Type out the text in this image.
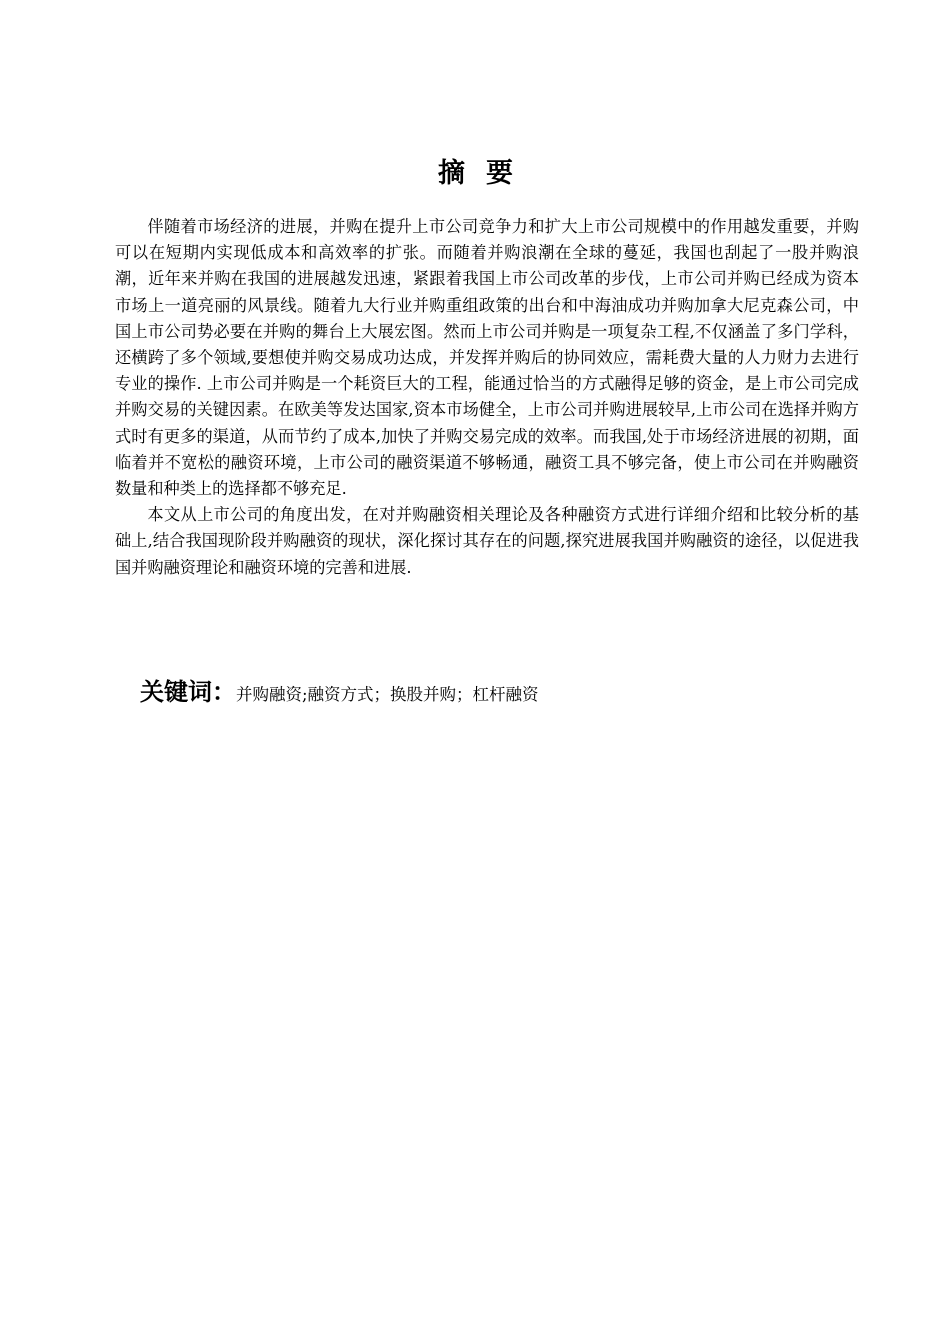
摘要

伴随着市场经济的进展，并购在提升上市公司竞争力和扩大上市公司规模中的作用越发重要，并购可以在短期内实现低成本和高效率的扩张。而随着并购浪潮在全球的蔓延，我国也刮起了一股并购浪潮，近年来并购在我国的进展越发迅速，紧跟着我国上市公司改革的步伐，上市公司并购已经成为资本市场上一道亮丽的风景线。随着九大行业并购重组政策的出台和中海油成功并购加拿大尼克森公司，中国上市公司势必要在并购的舞台上大展宏图。然而上市公司并购是一项复杂工程,不仅涵盖了多门学科，还横跨了多个领域,要想使并购交易成功达成，并发挥并购后的协同效应，需耗费大量的人力财力去进行专业的操作. 上市公司并购是一个耗资巨大的工程，能通过恰当的方式融得足够的资金，是上市公司完成并购交易的关键因素。在欧美等发达国家,资本市场健全，上市公司并购进展较早,上市公司在选择并购方式时有更多的渠道，从而节约了成本,加快了并购交易完成的效率。而我国,处于市场经济进展的初期，面临着并不宽松的融资环境，上市公司的融资渠道不够畅通，融资工具不够完备，使上市公司在并购融资数量和种类上的选择都不够充足.

本文从上市公司的角度出发，在对并购融资相关理论及各种融资方式进行详细介绍和比较分析的基础上,结合我国现阶段并购融资的现状，深化探讨其存在的问题,探究进展我国并购融资的途径，以促进我国并购融资理论和融资环境的完善和进展.

关键词：并购融资;融资方式；换股并购；杠杆融资
